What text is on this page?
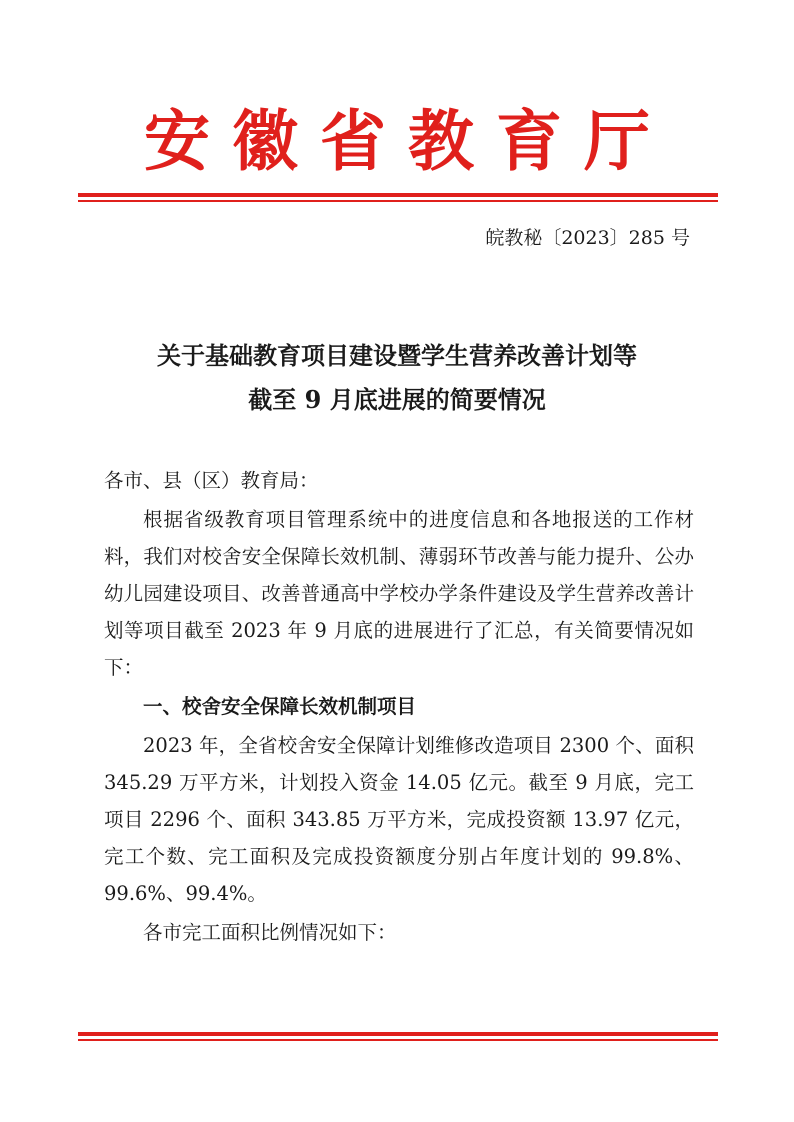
安徽省教育厅
皖教秘〔2023〕285 号
关于基础教育项目建设暨学生营养改善计划等
截至 9 月底进展的简要情况

各市、县（区）教育局：

根据省级教育项目管理系统中的进度信息和各地报送的工作材料，我们对校舍安全保障长效机制、薄弱环节改善与能力提升、公办幼儿园建设项目、改善普通高中学校办学条件建设及学生营养改善计划等项目截至 2023 年 9 月底的进展进行了汇总，有关简要情况如下：

一、校舍安全保障长效机制项目

2023 年，全省校舍安全保障计划维修改造项目 2300 个、面积 345.29 万平方米，计划投入资金 14.05 亿元。截至 9 月底，完工项目 2296 个、面积 343.85 万平方米，完成投资额 13.97 亿元，完工个数、完工面积及完成投资额度分别占年度计划的 99.8%、99.6%、99.4%。

各市完工面积比例情况如下：
